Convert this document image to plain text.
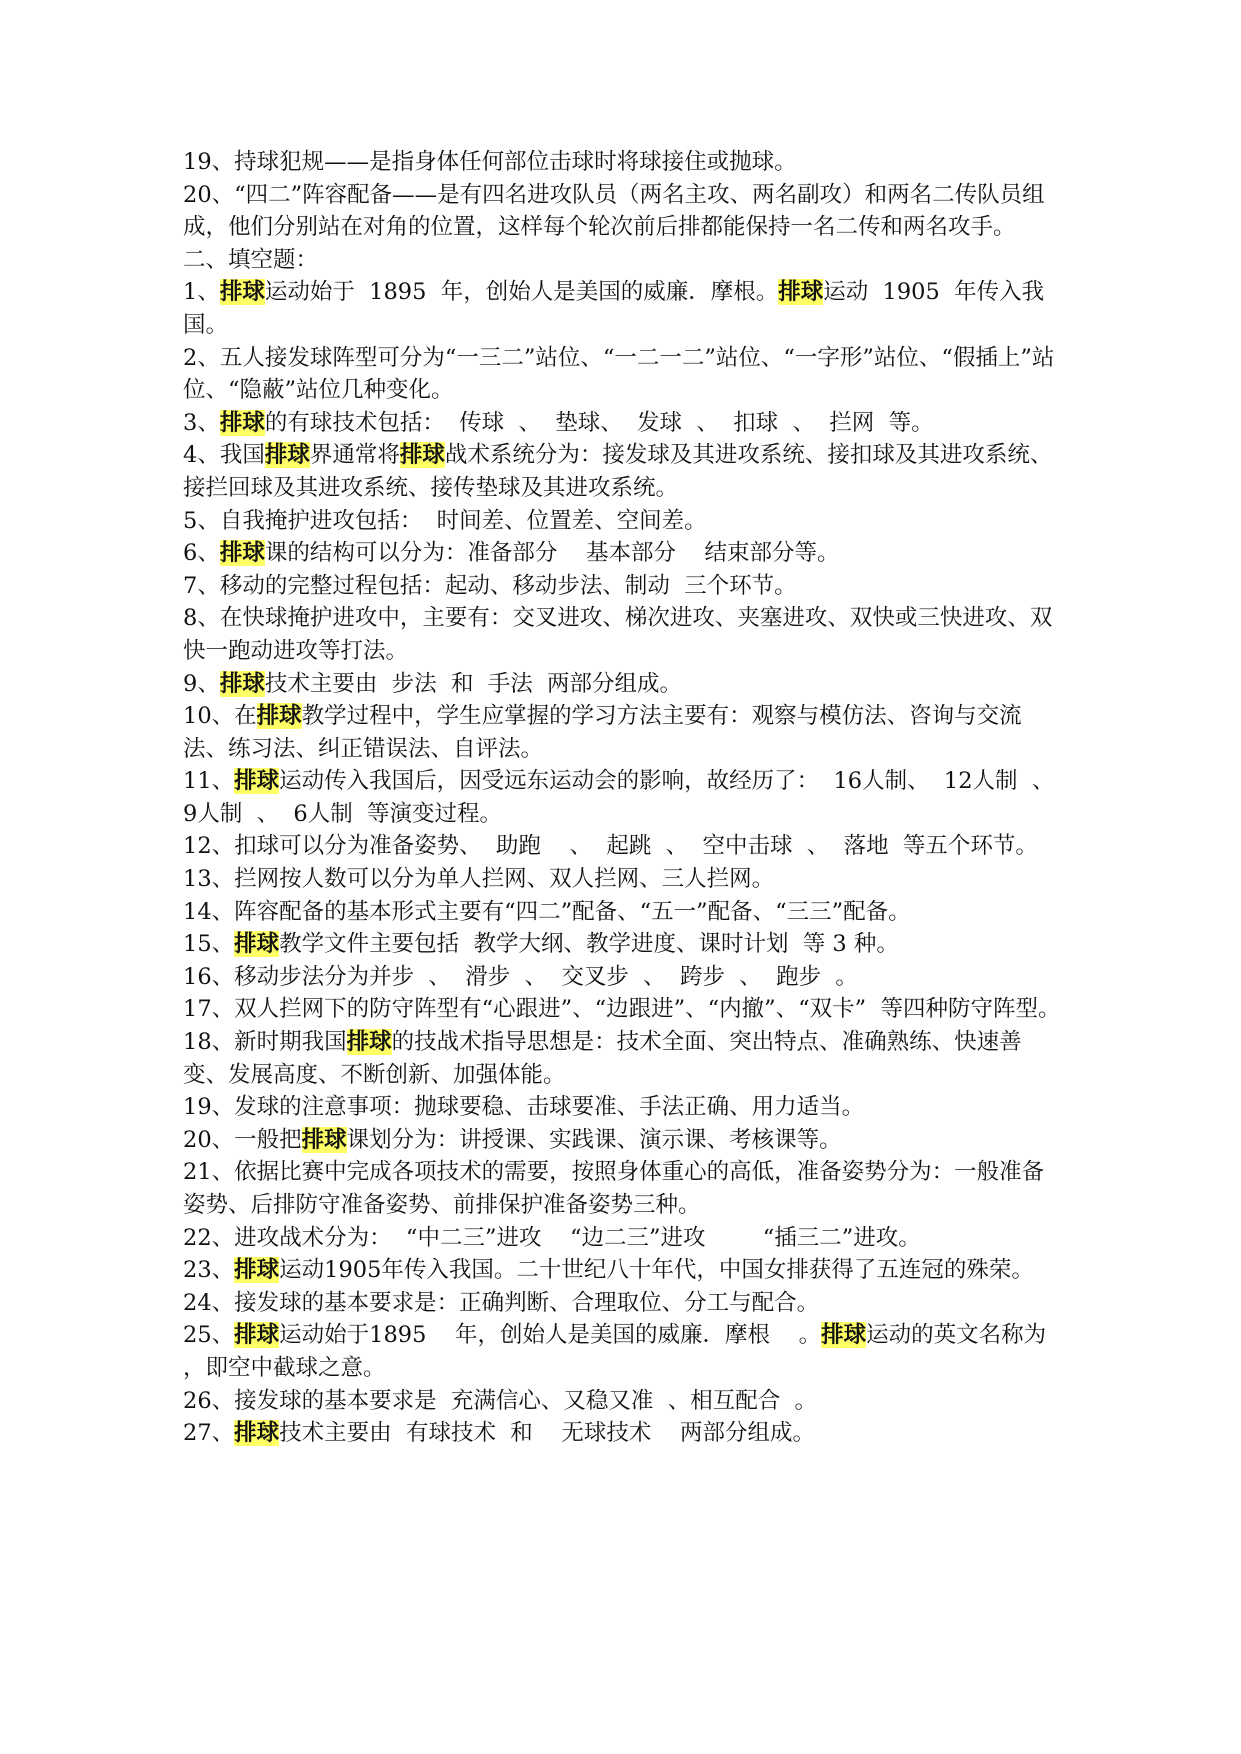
19、持球犯规——是指身体任何部位击球时将球接住或抛球。

20、“四二”阵容配备——是有四名进攻队员（两名主攻、两名副攻）和两名二传队员组成，他们分别站在对角的位置，这样每个轮次前后排都能保持一名二传和两名攻手。

二、填空题：

1、排球运动始于  1895  年，创始人是美国的威廉．摩根。排球运动  1905  年传入我国。

2、五人接发球阵型可分为“一三二”站位、“一二一二”站位、“一字形”站位、“假插上”站位、“隐蔽”站位几种变化。

3、排球的有球技术包括：  传球  、  垫球、  发球  、  扣球  、  拦网  等。

4、我国排球界通常将排球战术系统分为：接发球及其进攻系统、接扣球及其进攻系统、接拦回球及其进攻系统、接传垫球及其进攻系统。

5、自我掩护进攻包括：  时间差、位置差、空间差。

6、排球课的结构可以分为：准备部分    基本部分    结束部分等。

7、移动的完整过程包括：起动、移动步法、制动  三个环节。

8、在快球掩护进攻中，主要有：交叉进攻、梯次进攻、夹塞进攻、双快或三快进攻、双快一跑动进攻等打法。

9、排球技术主要由  步法  和  手法  两部分组成。

10、在排球教学过程中，学生应掌握的学习方法主要有：观察与模仿法、咨询与交流法、练习法、纠正错误法、自评法。

11、排球运动传入我国后，因受远东运动会的影响，故经历了：  16人制、  12人制  、  9人制  、  6人制  等演变过程。

12、扣球可以分为准备姿势、  助跑    、  起跳  、  空中击球  、  落地  等五个环节。

13、拦网按人数可以分为单人拦网、双人拦网、三人拦网。

14、阵容配备的基本形式主要有“四二”配备、“五一”配备、“三三”配备。

15、排球教学文件主要包括  教学大纲、教学进度、课时计划  等 3 种。

16、移动步法分为并步  、  滑步  、  交叉步  、  跨步  、  跑步  。

17、双人拦网下的防守阵型有“心跟进”、“边跟进”、“内撤”、“双卡”  等四种防守阵型。

18、新时期我国排球的技战术指导思想是：技术全面、突出特点、准确熟练、快速善变、发展高度、不断创新、加强体能。

19、发球的注意事项：抛球要稳、击球要准、手法正确、用力适当。

20、一般把排球课划分为：讲授课、实践课、演示课、考核课等。

21、依据比赛中完成各项技术的需要，按照身体重心的高低，准备姿势分为：一般准备姿势、后排防守准备姿势、前排保护准备姿势三种。

22、进攻战术分为：  “中二三”进攻    “边二三”进攻        “插三二”进攻。

23、排球运动1905年传入我国。二十世纪八十年代，中国女排获得了五连冠的殊荣。

24、接发球的基本要求是：正确判断、合理取位、分工与配合。

25、排球运动始于1895    年，创始人是美国的威廉．摩根    。排球运动的英文名称为                    ，即空中截球之意。

26、接发球的基本要求是  充满信心、又稳又准  、相互配合  。

27、排球技术主要由  有球技术  和    无球技术    两部分组成。
